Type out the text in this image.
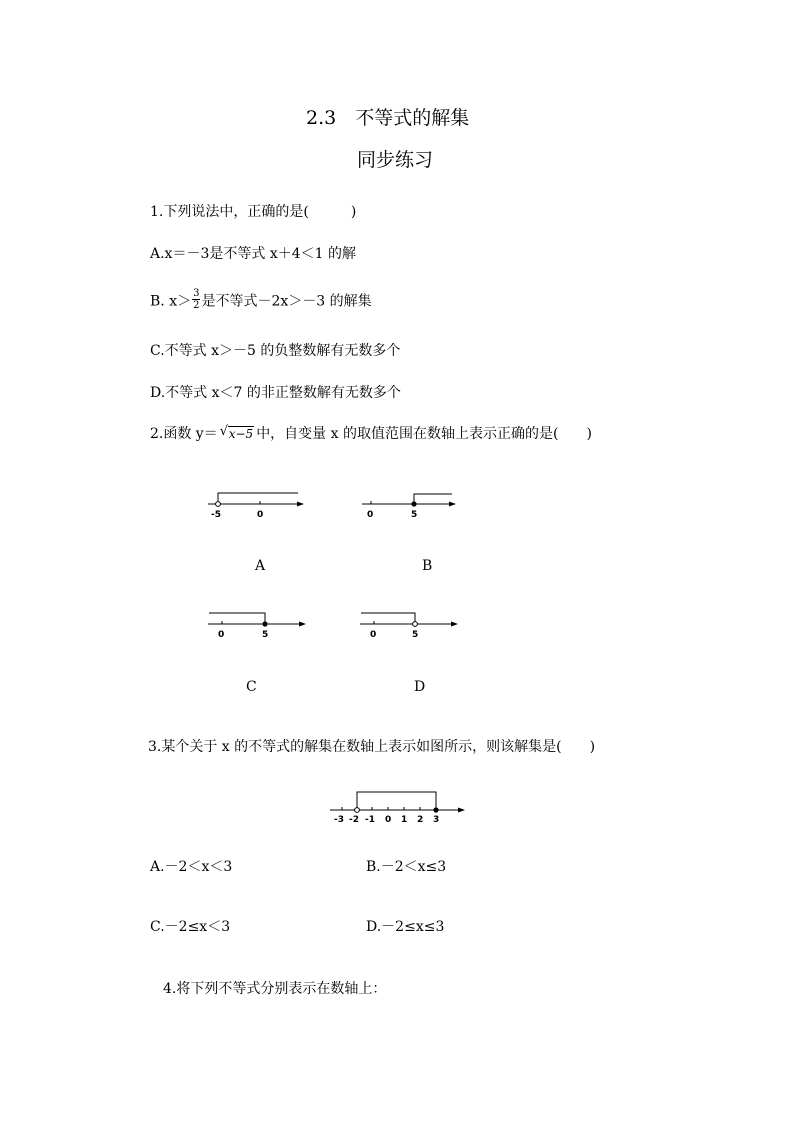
2.3　不等式的解集
同步练习
1.下列说法中，正确的是(　　　)
A.x＝－3是不等式 x＋4＜1 的解
B. $x> \frac{3}{2}$ 是不等式－2x＞－3 的解集
C.不等式 x＞－5 的负整数解有无数多个
D.不等式 x＜7 的非正整数解有无数多个
2.函数 y＝ √ x−5 中，自变量 x 的取值范围在数轴上表示正确的是(　　)
-5	0
A
0	5
B
0	5
C
0	5
D
3.某个关于 x 的不等式的解集在数轴上表示如图所示，则该解集是(　　)
-3 -2 -1 0 1 2 3
A.－2＜x＜3	B.－2＜x≤3
C.－2≤x＜3	D.－2≤x≤3
4.将下列不等式分别表示在数轴上：
